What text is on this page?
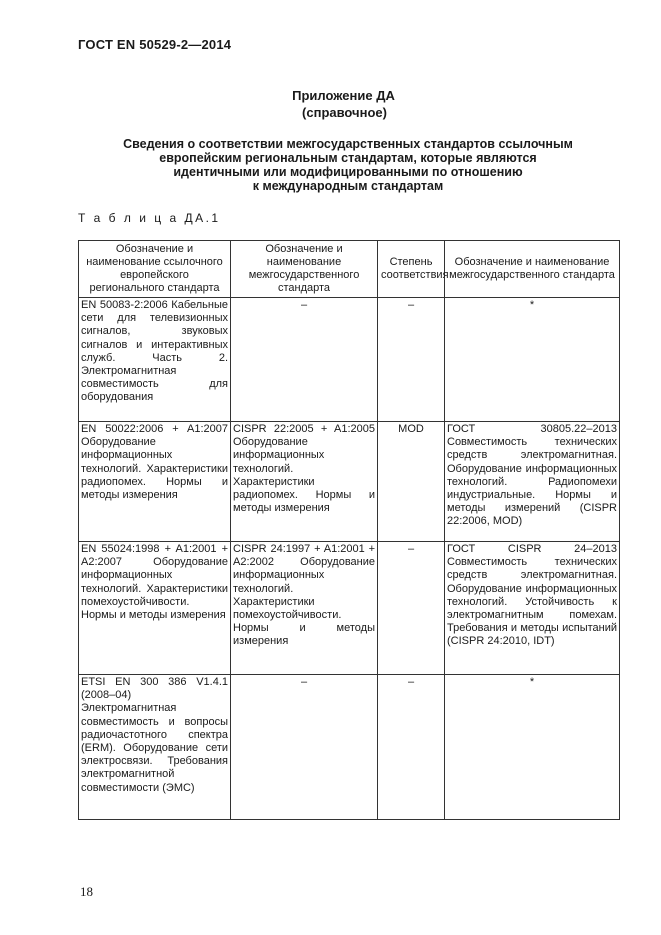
ГОСТ EN 50529-2—2014
Приложение ДА
(справочное)
Сведения о соответствии межгосударственных стандартов ссылочным
европейским региональным стандартам, которые являются
идентичными или модифицированными по отношению
к международным стандартам
Т а б л и ц а ДА.1
Обозначение и наименование ссылочного европейского регионального стандарта	Обозначение и наименование межгосударственного стандарта	Степень соответствия	Обозначение и наименование межгосударственного стандарта
EN 50083-2:2006 Кабельные сети для телевизионных сигналов, звуковых сигналов и интерактивных служб. Часть 2. Электромагнитная совместимость для оборудования	–	–	*
EN 50022:2006 + A1:2007 Оборудование информационных технологий. Характеристики радиопомех. Нормы и методы измерения	CISPR 22:2005 + A1:2005 Оборудование информационных технологий. Характеристики радиопомех. Нормы и методы измерения	MOD	ГОСТ 30805.22–2013 Совместимость технических средств электромагнитная. Оборудование информационных технологий. Радиопомехи индустриальные. Нормы и методы измерений (CISPR 22:2006, MOD)
EN 55024:1998 + A1:2001 + A2:2007 Оборудование информационных технологий. Характеристики помехоустойчивости. Нормы и методы измерения	CISPR 24:1997 + A1:2001 + A2:2002 Оборудование информационных технологий. Характеристики помехоустойчивости. Нормы и методы измерения	–	ГОСТ CISPR 24–2013 Совместимость технических средств электромагнитная. Оборудование информационных технологий. Устойчивость к электромагнитным помехам. Требования и методы испытаний (CISPR 24:2010, IDT)
ETSI EN 300 386 V1.4.1 (2008–04) Электромагнитная совместимость и вопросы радиочастотного спектра (ERM). Оборудование сети электросвязи. Требования электромагнитной совместимости (ЭМС)	–	–	*
18
